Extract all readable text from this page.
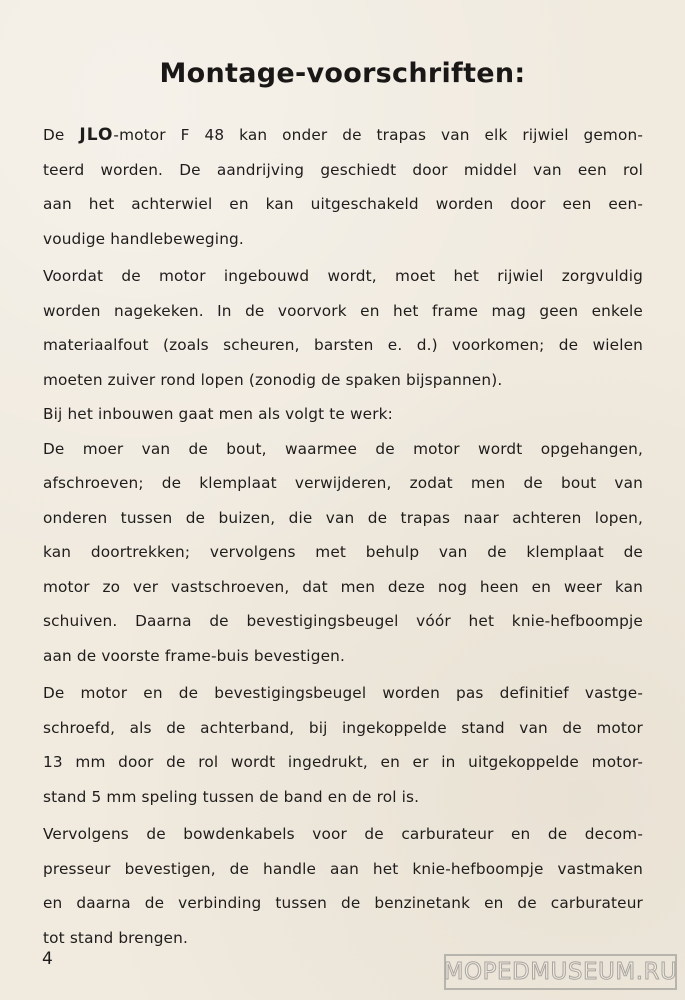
Montage-voorschriften:
De JLO-motor F 48 kan onder de trapas van elk rijwiel gemon-
teerd worden. De aandrijving geschiedt door middel van een rol
aan het achterwiel en kan uitgeschakeld worden door een een-
voudige handlebeweging.
Voordat de motor ingebouwd wordt, moet het rijwiel zorgvuldig
worden nagekeken. In de voorvork en het frame mag geen enkele
materiaalfout (zoals scheuren, barsten e. d.) voorkomen; de wielen
moeten zuiver rond lopen (zonodig de spaken bijspannen).
Bij het inbouwen gaat men als volgt te werk:
De moer van de bout, waarmee de motor wordt opgehangen,
afschroeven; de klemplaat verwijderen, zodat men de bout van
onderen tussen de buizen, die van de trapas naar achteren lopen,
kan doortrekken; vervolgens met behulp van de klemplaat de
motor zo ver vastschroeven, dat men deze nog heen en weer kan
schuiven. Daarna de bevestigingsbeugel vóór het knie-hefboompje
aan de voorste frame-buis bevestigen.
De motor en de bevestigingsbeugel worden pas definitief vastge-
schroefd, als de achterband, bij ingekoppelde stand van de motor
13 mm door de rol wordt ingedrukt, en er in uitgekoppelde motor-
stand 5 mm speling tussen de band en de rol is.
Vervolgens de bowdenkabels voor de carburateur en de decom-
presseur bevestigen, de handle aan het knie-hefboompje vastmaken
en daarna de verbinding tussen de benzinetank en de carburateur
tot stand brengen.
4	MOPEDMUSEUM.RU
